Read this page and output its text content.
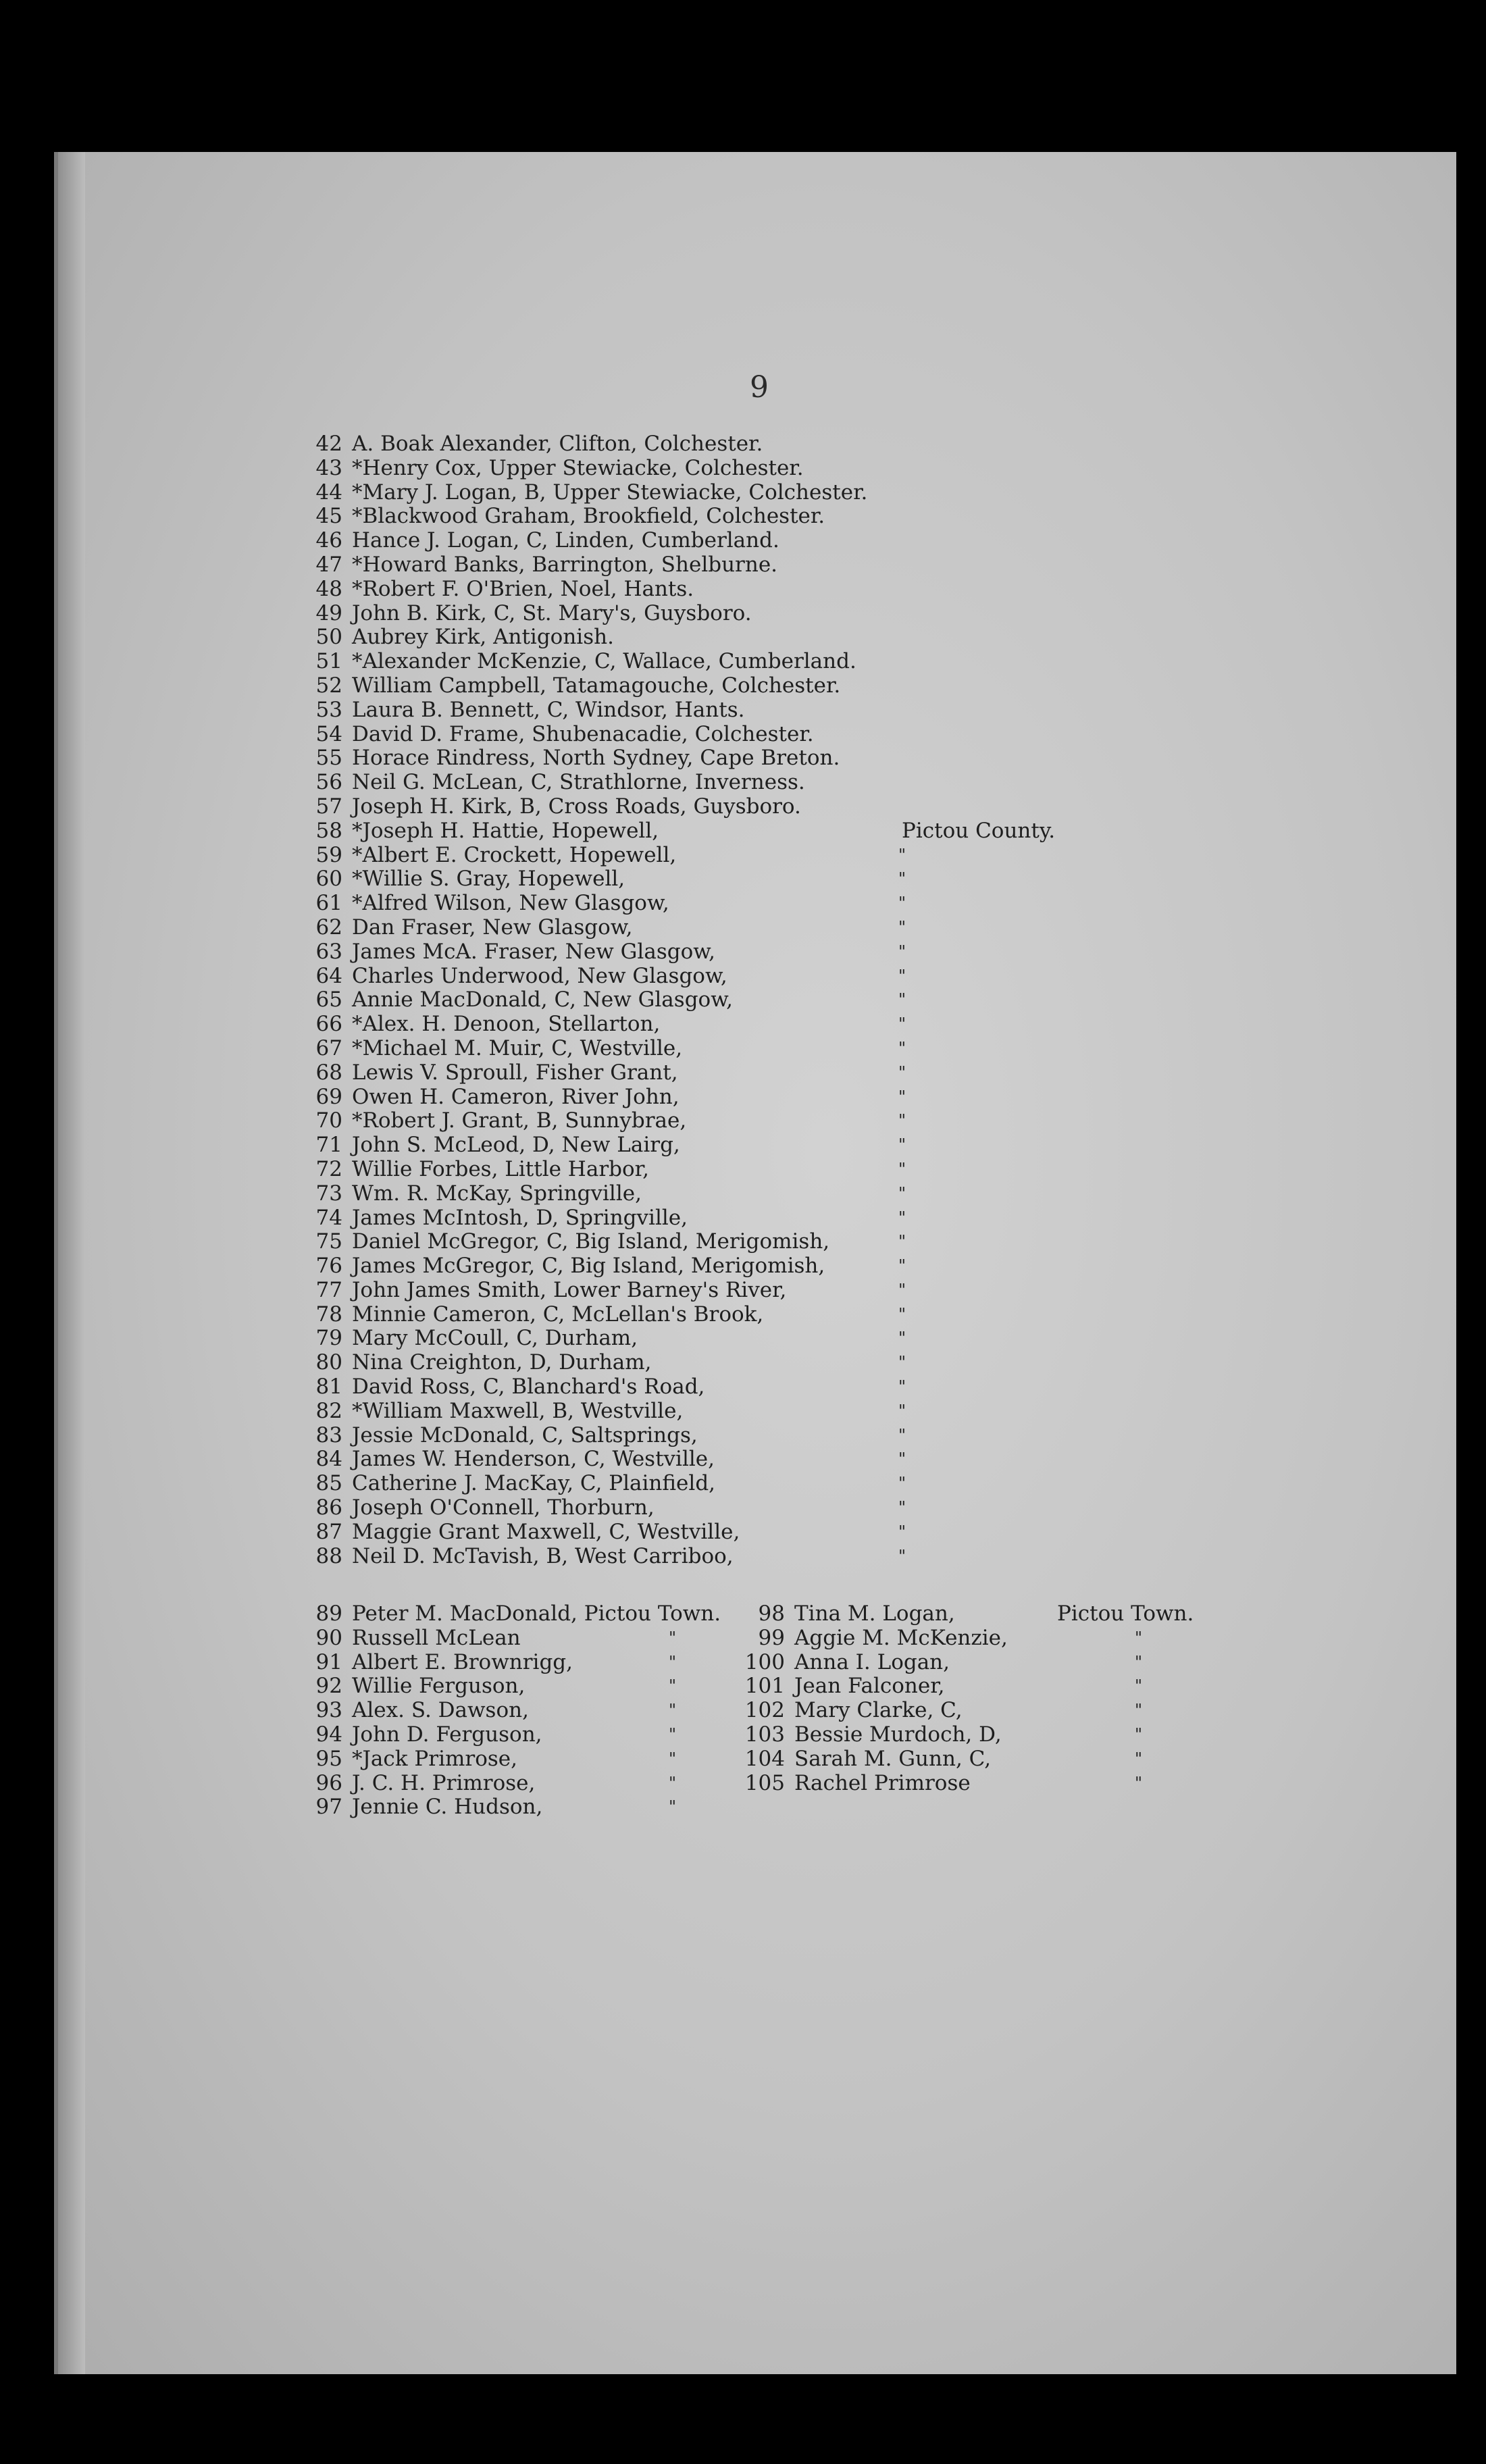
9
42 A. Boak Alexander, Clifton, Colchester.
43 *Henry Cox, Upper Stewiacke, Colchester.
44 *Mary J. Logan, B, Upper Stewiacke, Colchester.
45 *Blackwood Graham, Brookfield, Colchester.
46 Hance J. Logan, C, Linden, Cumberland.
47 *Howard Banks, Barrington, Shelburne.
48 *Robert F. O'Brien, Noel, Hants.
49 John B. Kirk, C, St. Mary's, Guysboro.
50 Aubrey Kirk, Antigonish.
51 *Alexander McKenzie, C, Wallace, Cumberland.
52 William Campbell, Tatamagouche, Colchester.
53 Laura B. Bennett, C, Windsor, Hants.
54 David D. Frame, Shubenacadie, Colchester.
55 Horace Rindress, North Sydney, Cape Breton.
56 Neil G. McLean, C, Strathlorne, Inverness.
57 Joseph H. Kirk, B, Cross Roads, Guysboro.
58 *Joseph H. Hattie, Hopewell,	Pictou County.
59 *Albert E. Crockett, Hopewell,	"
60 *Willie S. Gray, Hopewell,	"
61 *Alfred Wilson, New Glasgow,	"
62 Dan Fraser, New Glasgow,	"
63 James McA. Fraser, New Glasgow,	"
64 Charles Underwood, New Glasgow,	"
65 Annie MacDonald, C, New Glasgow,	"
66 *Alex. H. Denoon, Stellarton,	"
67 *Michael M. Muir, C, Westville,	"
68 Lewis V. Sproull, Fisher Grant,	"
69 Owen H. Cameron, River John,	"
70 *Robert J. Grant, B, Sunnybrae,	"
71 John S. McLeod, D, New Lairg,	"
72 Willie Forbes, Little Harbor,	"
73 Wm. R. McKay, Springville,	"
74 James McIntosh, D, Springville,	"
75 Daniel McGregor, C, Big Island, Merigomish,	"
76 James McGregor, C, Big Island, Merigomish,	"
77 John James Smith, Lower Barney's River,	"
78 Minnie Cameron, C, McLellan's Brook,	"
79 Mary McCoull, C, Durham,	"
80 Nina Creighton, D, Durham,	"
81 David Ross, C, Blanchard's Road,	"
82 *William Maxwell, B, Westville,	"
83 Jessie McDonald, C, Saltsprings,	"
84 James W. Henderson, C, Westville,	"
85 Catherine J. MacKay, C, Plainfield,	"
86 Joseph O'Connell, Thorburn,	"
87 Maggie Grant Maxwell, C, Westville,	"
88 Neil D. McTavish, B, West Carriboo,	"
89 Peter M. MacDonald, Pictou Town.	98 Tina M. Logan,	Pictou Town.
90 Russell McLean	"	99 Aggie M. McKenzie,	"
91 Albert E. Brownrigg,	"	100 Anna I. Logan,	"
92 Willie Ferguson,	"	101 Jean Falconer,	"
93 Alex. S. Dawson,	"	102 Mary Clarke, C,	"
94 John D. Ferguson,	"	103 Bessie Murdoch, D,	"
95 *Jack Primrose,	"	104 Sarah M. Gunn, C,	"
96 J. C. H. Primrose,	"	105 Rachel Primrose	"
97 Jennie C. Hudson,	"
